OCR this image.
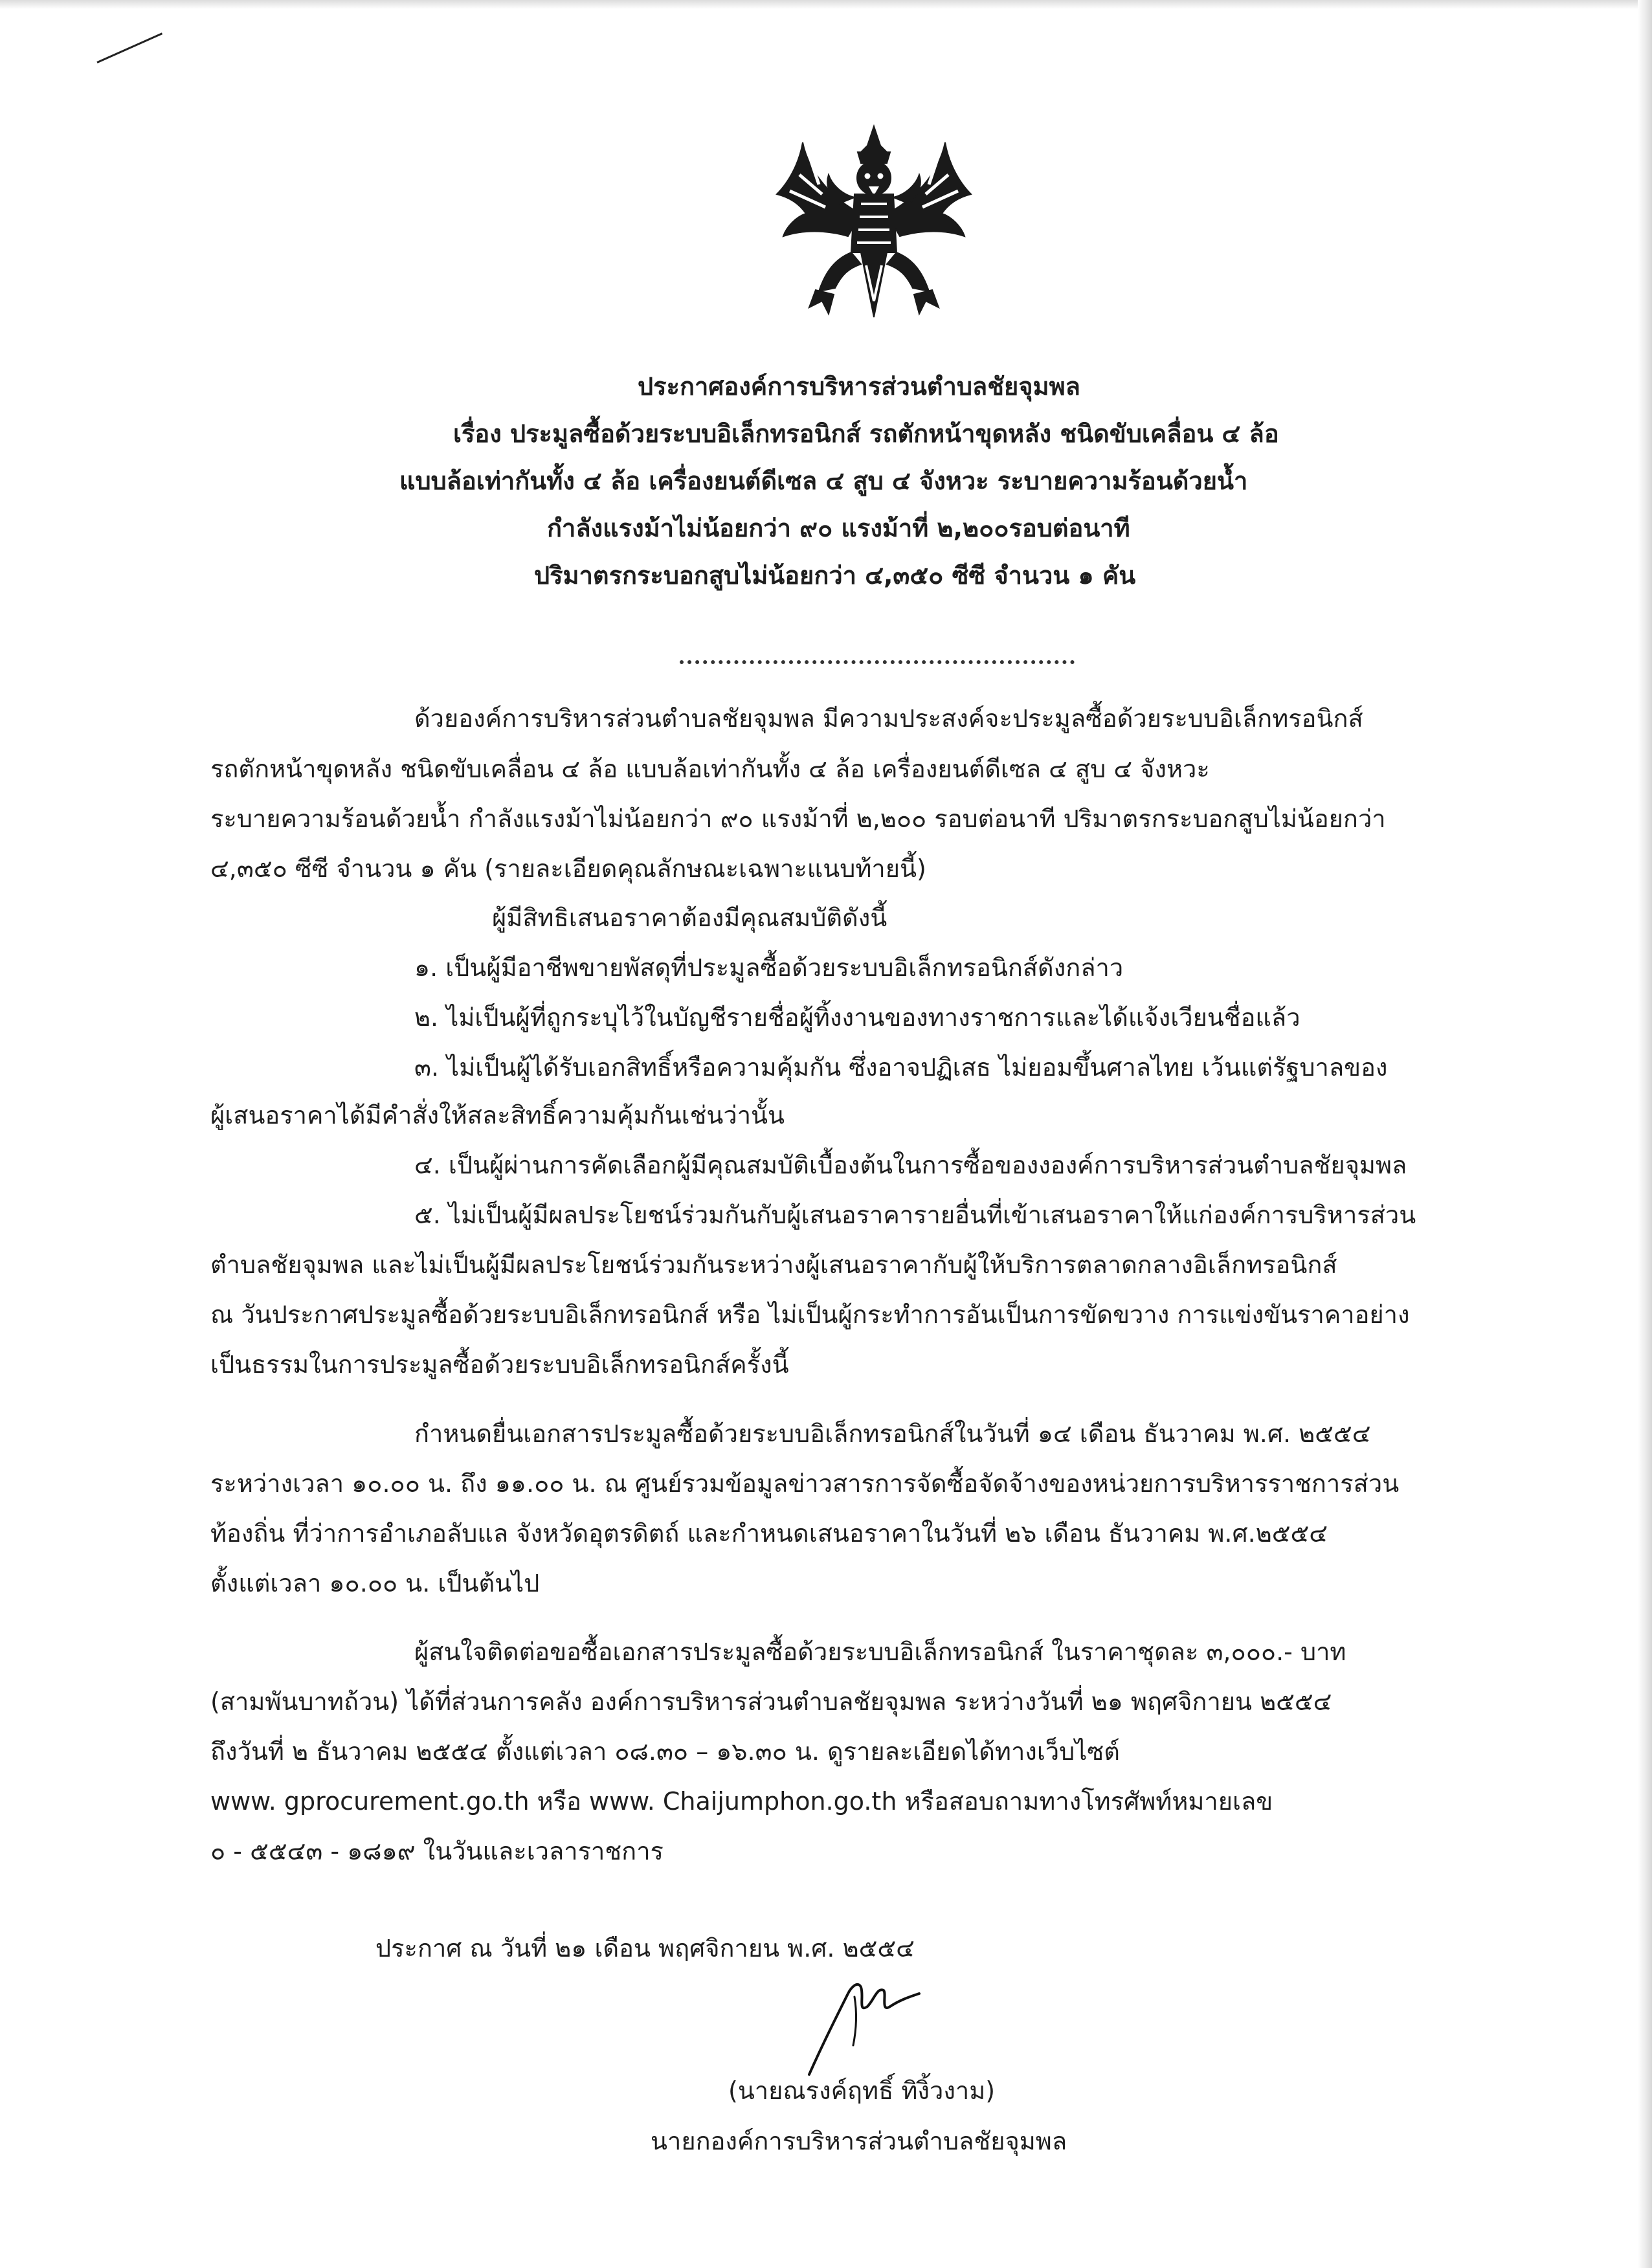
ประกาศองค์การบริหารส่วนตำบลชัยจุมพล
เรื่อง ประมูลซื้อด้วยระบบอิเล็กทรอนิกส์ รถตักหน้าขุดหลัง ชนิดขับเคลื่อน ๔ ล้อ
แบบล้อเท่ากันทั้ง ๔ ล้อ เครื่องยนต์ดีเซล ๔ สูบ ๔ จังหวะ ระบายความร้อนด้วยน้ำ
กำลังแรงม้าไม่น้อยกว่า ๙๐ แรงม้าที่ ๒,๒๐๐รอบต่อนาที
ปริมาตรกระบอกสูบไม่น้อยกว่า ๔,๓๕๐ ซีซี จำนวน ๑ คัน
ด้วยองค์การบริหารส่วนตำบลชัยจุมพล มีความประสงค์จะประมูลซื้อด้วยระบบอิเล็กทรอนิกส์
รถตักหน้าขุดหลัง ชนิดขับเคลื่อน ๔ ล้อ แบบล้อเท่ากันทั้ง ๔ ล้อ เครื่องยนต์ดีเซล ๔ สูบ ๔ จังหวะ
ระบายความร้อนด้วยน้ำ กำลังแรงม้าไม่น้อยกว่า ๙๐ แรงม้าที่ ๒,๒๐๐ รอบต่อนาที ปริมาตรกระบอกสูบไม่น้อยกว่า
๔,๓๕๐ ซีซี จำนวน ๑ คัน (รายละเอียดคุณลักษณะเฉพาะแนบท้ายนี้)
ผู้มีสิทธิเสนอราคาต้องมีคุณสมบัติดังนี้
๑. เป็นผู้มีอาชีพขายพัสดุที่ประมูลซื้อด้วยระบบอิเล็กทรอนิกส์ดังกล่าว
๒. ไม่เป็นผู้ที่ถูกระบุไว้ในบัญชีรายชื่อผู้ทิ้งงานของทางราชการและได้แจ้งเวียนชื่อแล้ว
๓. ไม่เป็นผู้ได้รับเอกสิทธิ์หรือความคุ้มกัน ซึ่งอาจปฏิเสธ ไม่ยอมขึ้นศาลไทย เว้นแต่รัฐบาลของ
ผู้เสนอราคาได้มีคำสั่งให้สละสิทธิ์ความคุ้มกันเช่นว่านั้น
๔. เป็นผู้ผ่านการคัดเลือกผู้มีคุณสมบัติเบื้องต้นในการซื้อของงองค์การบริหารส่วนตำบลชัยจุมพล
๕. ไม่เป็นผู้มีผลประโยชน์ร่วมกันกับผู้เสนอราคารายอื่นที่เข้าเสนอราคาให้แก่องค์การบริหารส่วน
ตำบลชัยจุมพล และไม่เป็นผู้มีผลประโยชน์ร่วมกันระหว่างผู้เสนอราคากับผู้ให้บริการตลาดกลางอิเล็กทรอนิกส์
ณ วันประกาศประมูลซื้อด้วยระบบอิเล็กทรอนิกส์ หรือ ไม่เป็นผู้กระทำการอันเป็นการขัดขวาง การแข่งขันราคาอย่าง
เป็นธรรมในการประมูลซื้อด้วยระบบอิเล็กทรอนิกส์ครั้งนี้
กำหนดยื่นเอกสารประมูลซื้อด้วยระบบอิเล็กทรอนิกส์ในวันที่ ๑๔ เดือน ธันวาคม พ.ศ. ๒๕๕๔
ระหว่างเวลา ๑๐.๐๐ น. ถึง ๑๑.๐๐ น. ณ ศูนย์รวมข้อมูลข่าวสารการจัดซื้อจัดจ้างของหน่วยการบริหารราชการส่วน
ท้องถิ่น ที่ว่าการอำเภอลับแล จังหวัดอุตรดิตถ์ และกำหนดเสนอราคาในวันที่ ๒๖ เดือน ธันวาคม พ.ศ.๒๕๕๔
ตั้งแต่เวลา ๑๐.๐๐ น. เป็นต้นไป
ผู้สนใจติดต่อขอซื้อเอกสารประมูลซื้อด้วยระบบอิเล็กทรอนิกส์ ในราคาชุดละ ๓,๐๐๐.- บาท
(สามพันบาทถ้วน) ได้ที่ส่วนการคลัง องค์การบริหารส่วนตำบลชัยจุมพล ระหว่างวันที่ ๒๑ พฤศจิกายน ๒๕๕๔
ถึงวันที่ ๒ ธันวาคม ๒๕๕๔ ตั้งแต่เวลา ๐๘.๓๐ – ๑๖.๓๐ น. ดูรายละเอียดได้ทางเว็บไซต์
www. gprocurement.go.th หรือ www. Chaijumphon.go.th หรือสอบถามทางโทรศัพท์หมายเลข
๐ - ๕๕๔๓ - ๑๘๑๙ ในวันและเวลาราชการ
ประกาศ ณ วันที่ ๒๑ เดือน พฤศจิกายน พ.ศ. ๒๕๕๔
(นายณรงค์ฤทธิ์ ทิงิ้วงาม)
นายกองค์การบริหารส่วนตำบลชัยจุมพล
